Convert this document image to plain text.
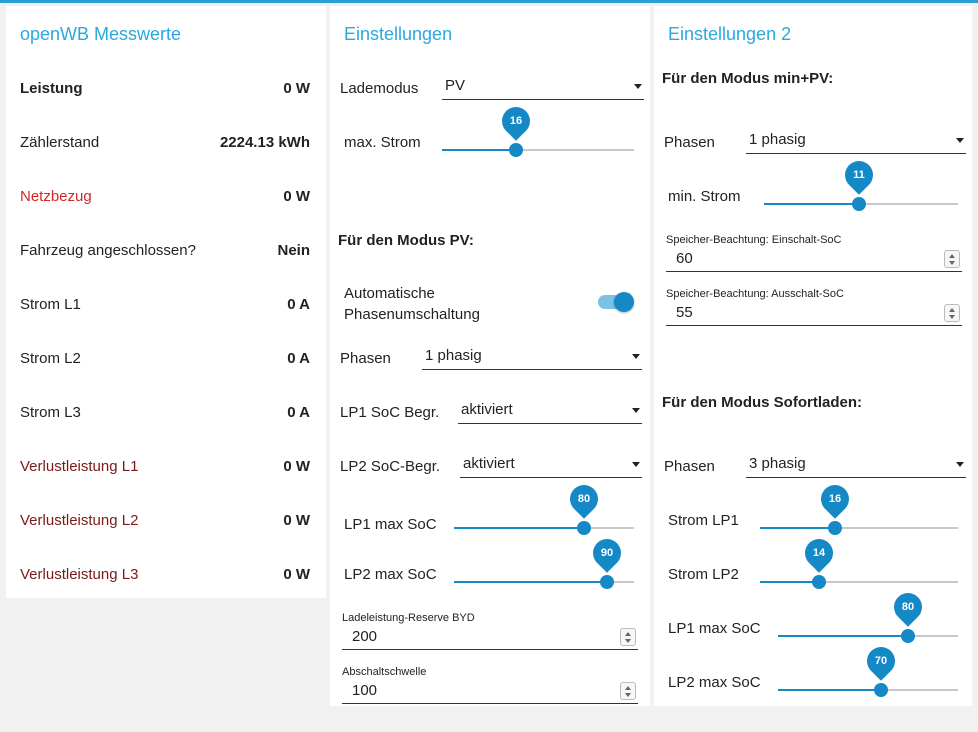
openWB Messwerte
Leistung	0 W
Zählerstand	2224.13 kWh
Netzbezug	0 W
Fahrzeug angeschlossen?	Nein
Strom L1	0 A
Strom L2	0 A
Strom L3	0 A
Verlustleistung L1	0 W
Verlustleistung L2	0 W
Verlustleistung L3	0 W
Einstellungen
Lademodus PV
max. Strom
16
Für den Modus PV:
Automatische
Phasenumschaltung
Phasen 1 phasig
LP1 SoC Begr. aktiviert
LP2 SoC-Begr. aktiviert
LP1 max SoC
80
LP2 max SoC
90
Ladeleistung-Reserve BYD
200
Abschaltschwelle
100
Einstellungen 2
Für den Modus min+PV:
Phasen 1 phasig
min. Strom
11
Speicher-Beachtung: Einschalt-SoC
60
Speicher-Beachtung: Ausschalt-SoC
55
Für den Modus Sofortladen:
Phasen 3 phasig
Strom LP1
16
Strom LP2
14
LP1 max SoC
80
LP2 max SoC
70
